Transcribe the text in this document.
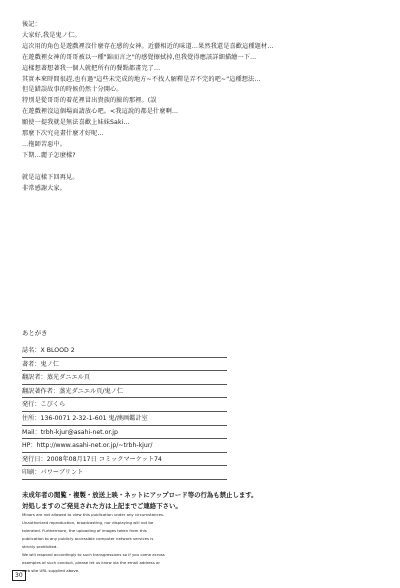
後記：
大家好,我是鬼ノ仁。
這次用的角色是遊戲裡沒什麼存在感的女神。近藝相近的味道…果然我還是喜歡這種題材…
在遊戲裡女神的哥哥被以一種"錦而言之"的感覺擦拭掉,但我覺得應該詳細描繪一下…
這樣想著想著我一個人就把所有的餐點都畫完了…
其實本來時間很趕,也有過"這些未完成的地方~不找人解釋是弄不完的吧~"這種想法…
但是錯誤故事的時候仍然十分開心。
特別是從哥哥的着花裡冒出貴族的臉的那裡。(誤
在遊戲裡沒這個場面請放心吧。<我這說的都是什麼啊…
願使一提我就是無法喜歡上妹妹Saki…
那麼下次究竟畫什麼才好呢…
…拖師苦惡中。
下期…麗子怎麼樣?
就是這樣下回再見。
非常感謝大家。
あとがき
誌名：X BLOOD 2
著者：鬼ノ仁
翻訳者：蒸光ダニエル頁
翻訳著作者：蒸光ダニエル頁/鬼ノ仁
発行：こびくら
住所：136-0071 2-32-1-601 鬼/澳画鑑計室
Mail：trbh-kjur@asahi-net.or.jp
HP：http://www.asahi-net.or.jp/~trbh-kjur/
発行日：2008年08月17日 コミックマーケット74
印刷：パワーブリント
未成年者の閲覧・複製・放送上映・ネットにアップロード等の行為も禁止します。
対処しますのご発見された方は上記までご連絡下さい。
Minors are not allowed to view this publication under any circumstances.
Unauthorized reproduction, broadcasting, nor displaying will not be
tolerated. Furthermore, the uploading of images taken from this
publication to any publicly accessible computer network services is
strictly prohibited.
We will respond accordingly to such transgressions so if you come across
examples of such conduct, please let us know via the email address or
web site URL supplied above.
30
